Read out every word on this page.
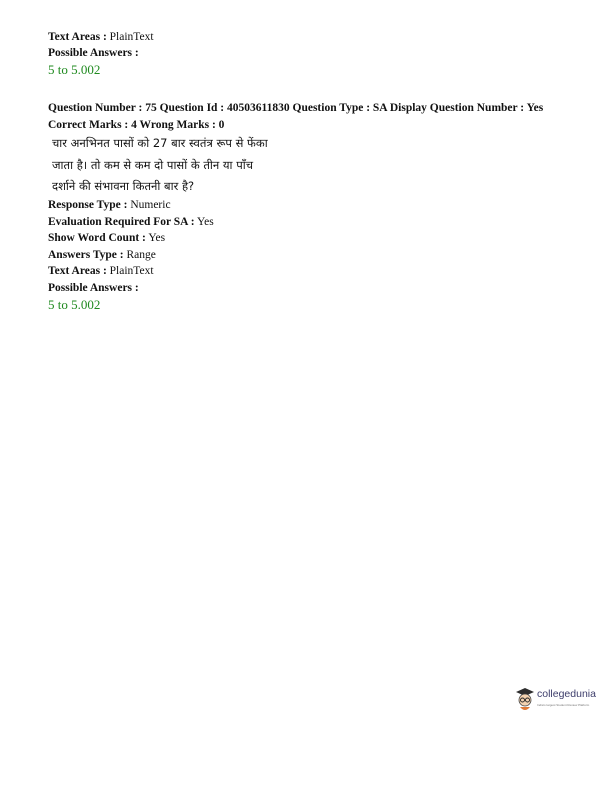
Text Areas : PlainText
Possible Answers :
5 to 5.002
Question Number : 75 Question Id : 40503611830 Question Type : SA Display Question Number : Yes
Correct Marks : 4 Wrong Marks : 0
चार अनभिनत पासों को 27 बार स्वतंत्र रूप से फेंका
जाता है। तो कम से कम दो पासों के तीन या पाँच
दर्शाने की संभावना कितनी बार है?
Response Type : Numeric
Evaluation Required For SA : Yes
Show Word Count : Yes
Answers Type : Range
Text Areas : PlainText
Possible Answers :
5 to 5.002
collegedunia
India's largest Student Review Platform
